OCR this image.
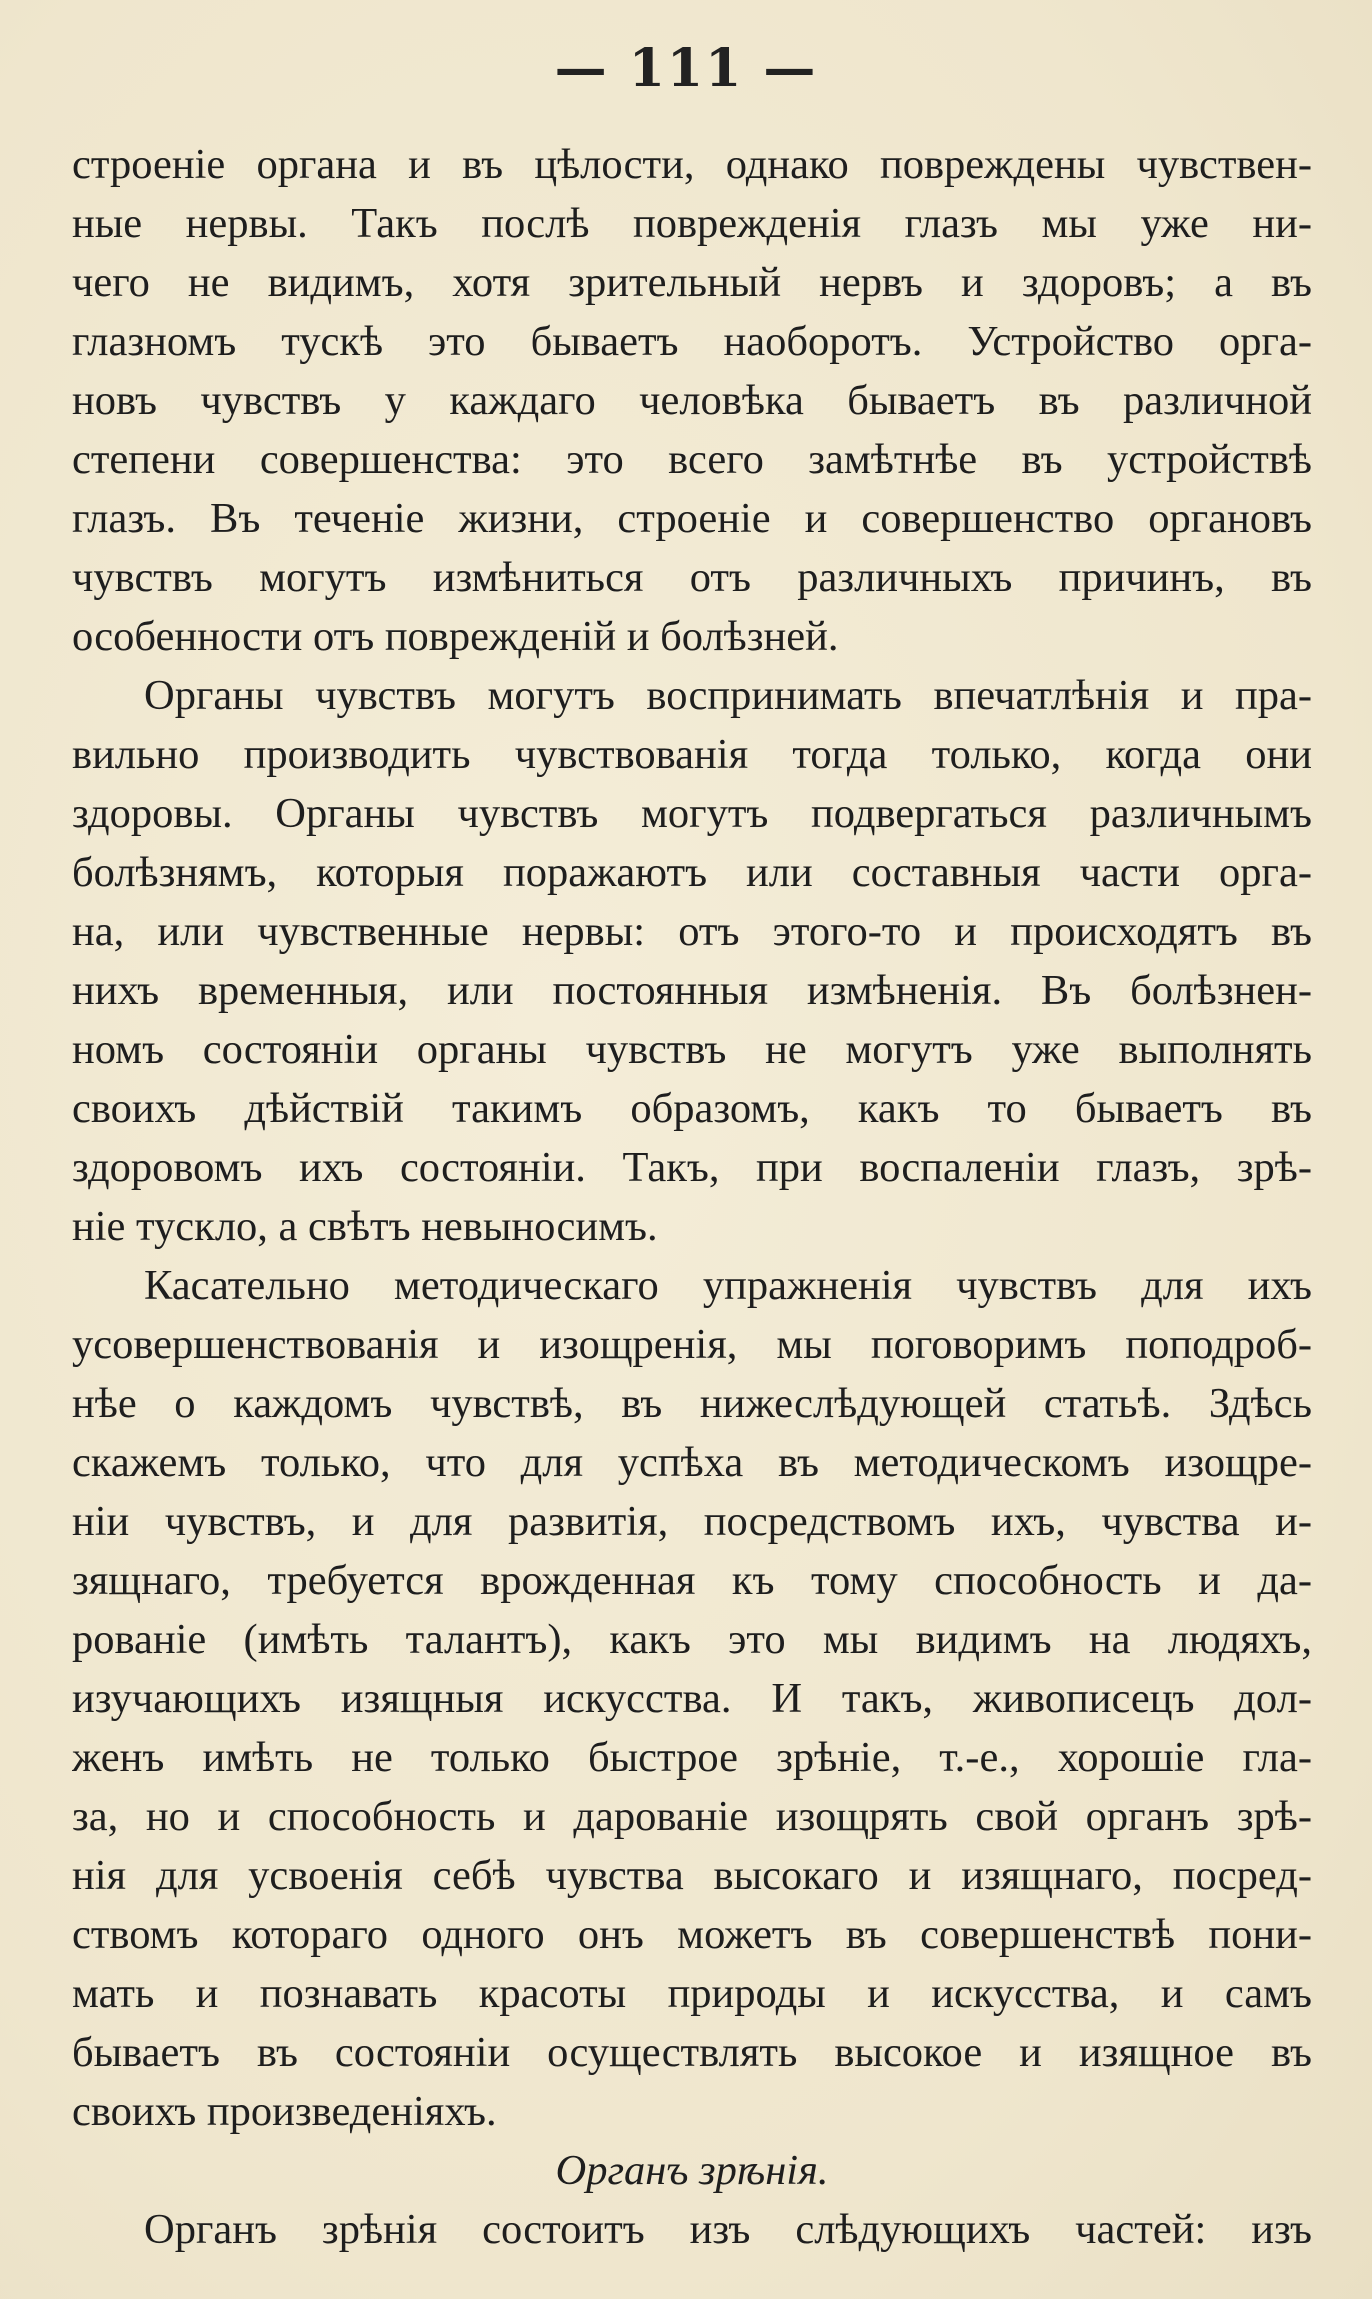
— 111 —
строеніе органа и въ цѣлости, однако повреждены чувствен-
ные нервы. Такъ послѣ поврежденія глазъ мы уже ни-
чего не видимъ, хотя зрительный нервъ и здоровъ; а въ
глазномъ тускѣ это бываетъ наоборотъ. Устройство орга-
новъ чувствъ у каждаго человѣка бываетъ въ различной
степени совершенства: это всего замѣтнѣе въ устройствѣ
глазъ. Въ теченіе жизни, строеніе и совершенство органовъ
чувствъ могутъ измѣниться отъ различныхъ причинъ, въ
особенности отъ поврежденій и болѣзней.
Органы чувствъ могутъ воспринимать впечатлѣнія и пра-
вильно производить чувствованія тогда только, когда они
здоровы. Органы чувствъ могутъ подвергаться различнымъ
болѣзнямъ, которыя поражаютъ или составныя части орга-
на, или чувственные нервы: отъ этого-то и происходятъ въ
нихъ временныя, или постоянныя измѣненія. Въ болѣзнен-
номъ состояніи органы чувствъ не могутъ уже выполнять
своихъ дѣйствій такимъ образомъ, какъ то бываетъ въ
здоровомъ ихъ состояніи. Такъ, при воспаленіи глазъ, зрѣ-
ніе тускло, а свѣтъ невыносимъ.
Касательно методическаго упражненія чувствъ для ихъ
усовершенствованія и изощренія, мы поговоримъ поподроб-
нѣе о каждомъ чувствѣ, въ нижеслѣдующей статьѣ. Здѣсь
скажемъ только, что для успѣха въ методическомъ изощре-
ніи чувствъ, и для развитія, посредствомъ ихъ, чувства и-
зящнаго, требуется врожденная къ тому способность и да-
рованіе (имѣть талантъ), какъ это мы видимъ на людяхъ,
изучающихъ изящныя искусства. И такъ, живописецъ дол-
женъ имѣть не только быстрое зрѣніе, т.-е., хорошіе гла-
за, но и способность и дарованіе изощрять свой органъ зрѣ-
нія для усвоенія себѣ чувства высокаго и изящнаго, посред-
ствомъ котораго одного онъ можетъ въ совершенствѣ пони-
мать и познавать красоты природы и искусства, и самъ
бываетъ въ состояніи осуществлять высокое и изящное въ
своихъ произведеніяхъ.
Органъ зрѣнія.
Органъ зрѣнія состоитъ изъ слѣдующихъ частей: изъ
